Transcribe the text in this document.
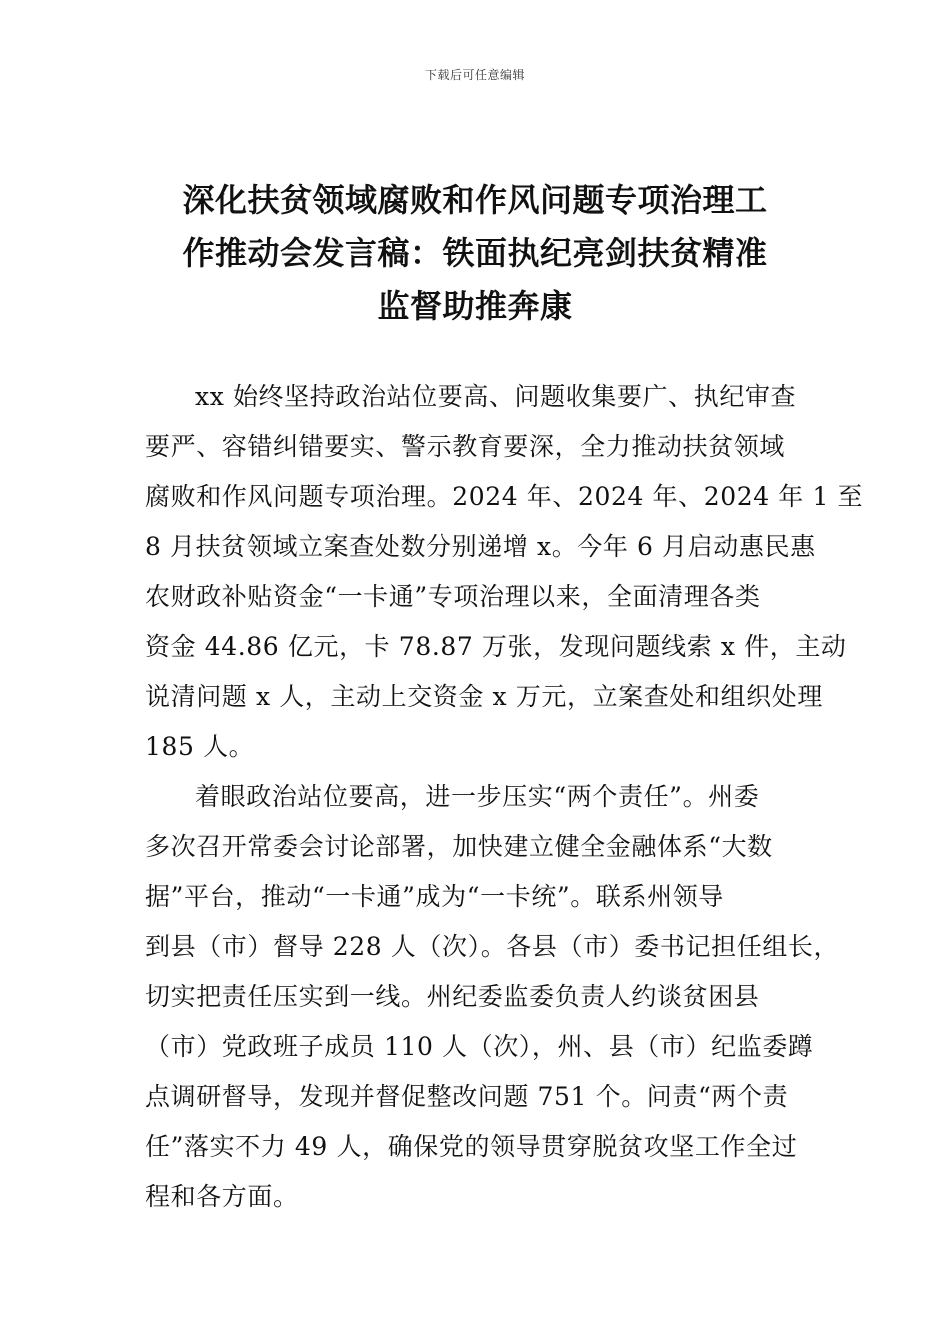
下载后可任意编辑
深化扶贫领域腐败和作风问题专项治理工
作推动会发言稿：铁面执纪亮剑扶贫精准
监督助推奔康

xx 始终坚持政治站位要高、问题收集要广、执纪审查
要严、容错纠错要实、警示教育要深，全力推动扶贫领域
腐败和作风问题专项治理。2024 年、2024 年、2024 年 1 至
8 月扶贫领域立案查处数分别递增 x。今年 6 月启动惠民惠
农财政补贴资金“一卡通”专项治理以来，全面清理各类
资金 44.86 亿元，卡 78.87 万张，发现问题线索 x 件，主动
说清问题 x 人，主动上交资金 x 万元，立案查处和组织处理
185 人。

着眼政治站位要高，进一步压实“两个责任”。州委
多次召开常委会讨论部署，加快建立健全金融体系“大数
据”平台，推动“一卡通”成为“一卡统”。联系州领导
到县（市）督导 228 人（次）。各县（市）委书记担任组长，
切实把责任压实到一线。州纪委监委负责人约谈贫困县
（市）党政班子成员 110 人（次），州、县（市）纪监委蹲
点调研督导，发现并督促整改问题 751 个。问责“两个责
任”落实不力 49 人，确保党的领导贯穿脱贫攻坚工作全过
程和各方面。
